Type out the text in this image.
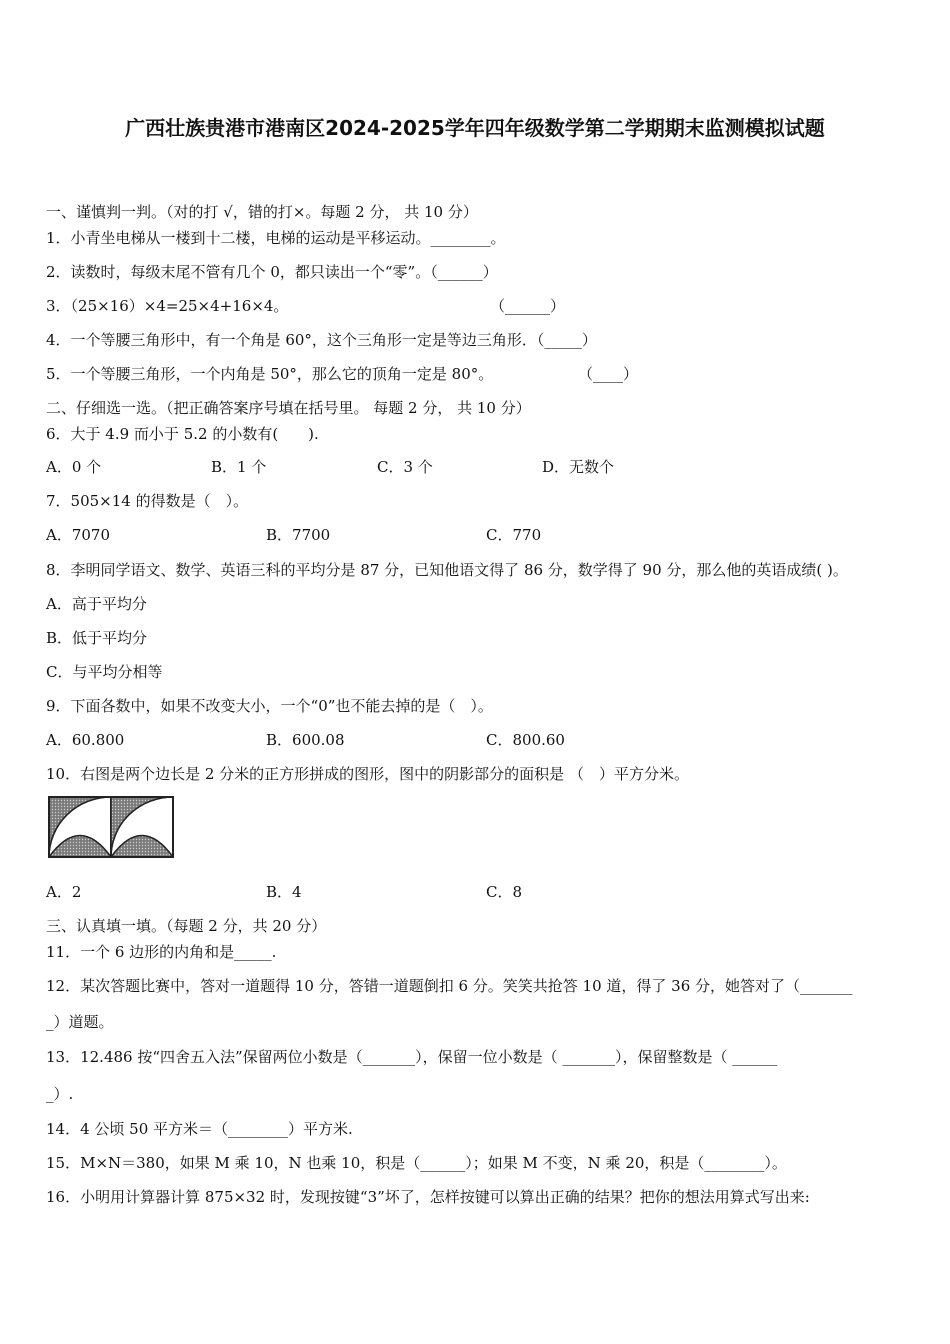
广西壮族贵港市港南区2024-2025学年四年级数学第二学期期末监测模拟试题
一、谨慎判一判。（对的打 √，错的打×。每题 2 分， 共 10 分）
1．小青坐电梯从一楼到十二楼，电梯的运动是平移运动。________。
2．读数时，每级末尾不管有几个 0，都只读出一个“零”。（______）
3．（25×16）×4=25×4+16×4。	（______）
4．一个等腰三角形中，有一个角是 60°，这个三角形一定是等边三角形．（_____）
5．一个等腰三角形，一个内角是 50°，那么它的顶角一定是 80°。	（____）
二、仔细选一选。（把正确答案序号填在括号里。 每题 2 分， 共 10 分）
6．大于 4.9 而小于 5.2 的小数有(　　).
A．0 个	B．1 个	C．3 个	D．无数个
7．505×14 的得数是（　）。
A．7070	B．7700	C．770
8．李明同学语文、数学、英语三科的平均分是 87 分，已知他语文得了 86 分，数学得了 90 分，那么他的英语成绩( )。
A．高于平均分
B．低于平均分
C．与平均分相等
9．下面各数中，如果不改变大小，一个“0”也不能去掉的是（　）。
A．60.800	B．600.08	C．800.60
10．右图是两个边长是 2 分米的正方形拼成的图形，图中的阴影部分的面积是 （　）平方分米。
A．2	B．4	C．8
三、认真填一填。（每题 2 分，共 20 分）
11．一个 6 边形的内角和是_____.
12．某次答题比赛中，答对一道题得 10 分，答错一道题倒扣 6 分。笑笑共抢答 10 道，得了 36 分，她答对了（_______
_）道题。
13．12.486 按“四舍五入法”保留两位小数是（_______），保留一位小数是（ _______），保留整数是（ ______
_）.
14．4 公顷 50 平方米＝（________）平方米.
15．M×N＝380，如果 M 乘 10，N 也乘 10，积是（______）；如果 M 不变，N 乘 20，积是（________）。
16．小明用计算器计算 875×32 时，发现按键“3”坏了，怎样按键可以算出正确的结果？把你的想法用算式写出来:
